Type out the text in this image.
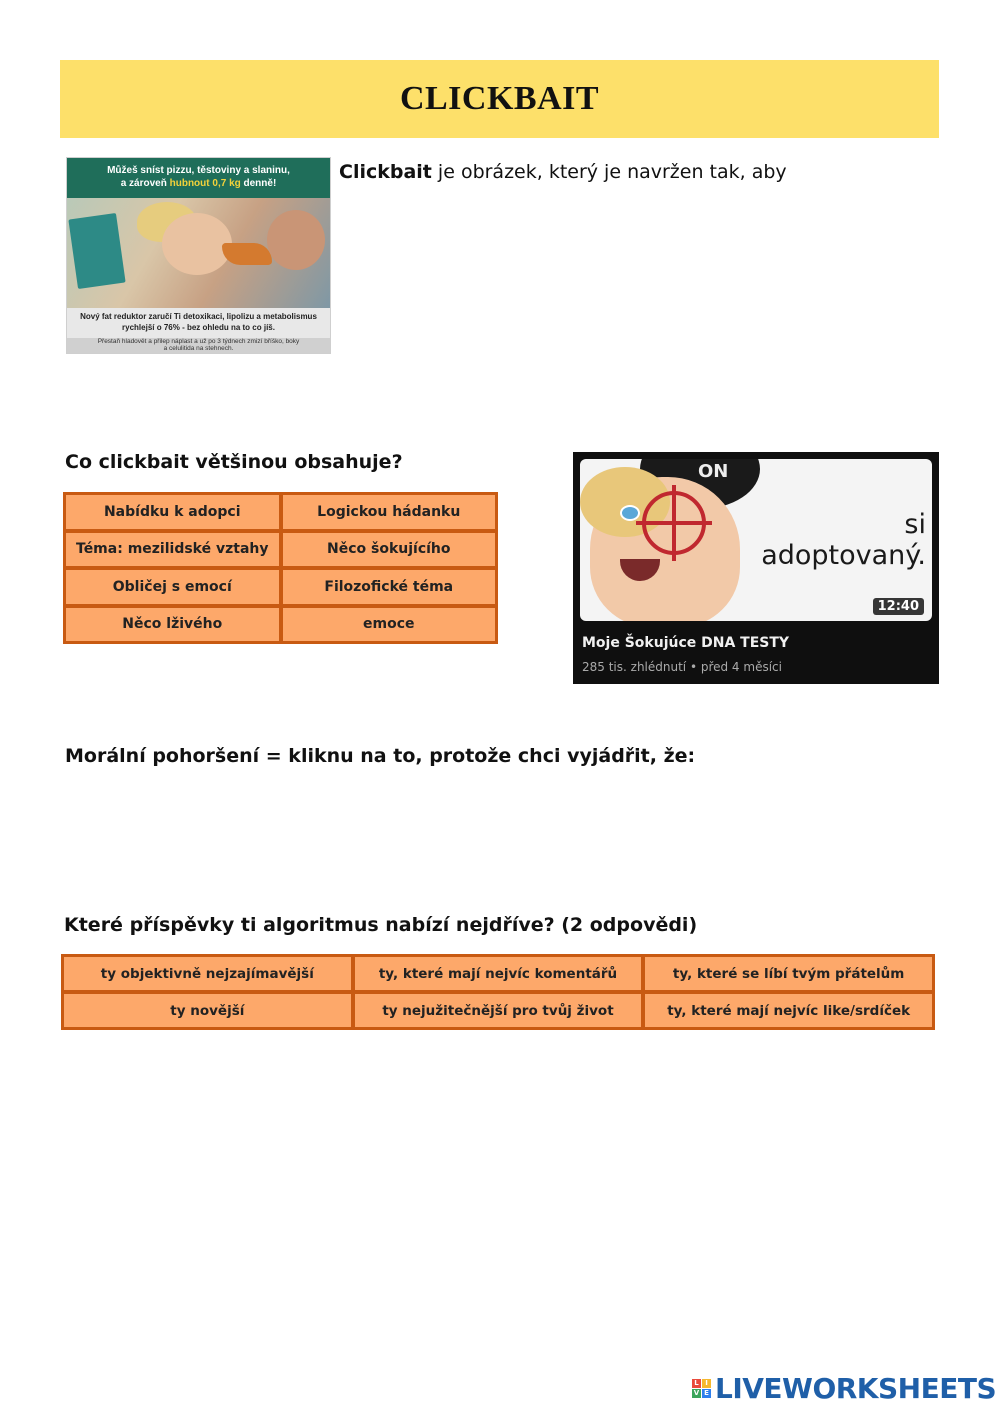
CLICKBAIT
Můžeš sníst pizzu, těstoviny a slaninu,
a zároveň hubnout 0,7 kg denně!
Nový fat reduktor zaručí Ti detoxikaci, lipolizu a metabolismus
rychlejší o 76% - bez ohledu na to co jíš.
Přestaň hladovět a přilep náplast a už po 3 týdnech zmizí bříško, boky
a celulitida na stehnech.
Clickbait je obrázek, který je navržen tak, aby
Co clickbait většinou obsahuje?
Nabídku k adopci	Logickou hádanku
Téma: mezilidské vztahy	Něco šokujícího
Obličej s emocí	Filozofické téma
Něco lživého	emoce
ON
si
adoptovaný.
12:40
Moje Šokujúce DNA TESTY
285 tis. zhlédnutí • před 4 měsíci
Morální pohoršení = kliknu na to, protože chci vyjádřit, že:
Které příspěvky ti algoritmus nabízí nejdříve? (2 odpovědi)
ty objektivně nejzajímavější	ty, které mají nejvíc komentářů	ty, které se líbí tvým přátelům
ty novější	ty nejužitečnější pro tvůj život	ty, které mají nejvíc like/srdíček
L I
V E LIVEWORKSHEETS
